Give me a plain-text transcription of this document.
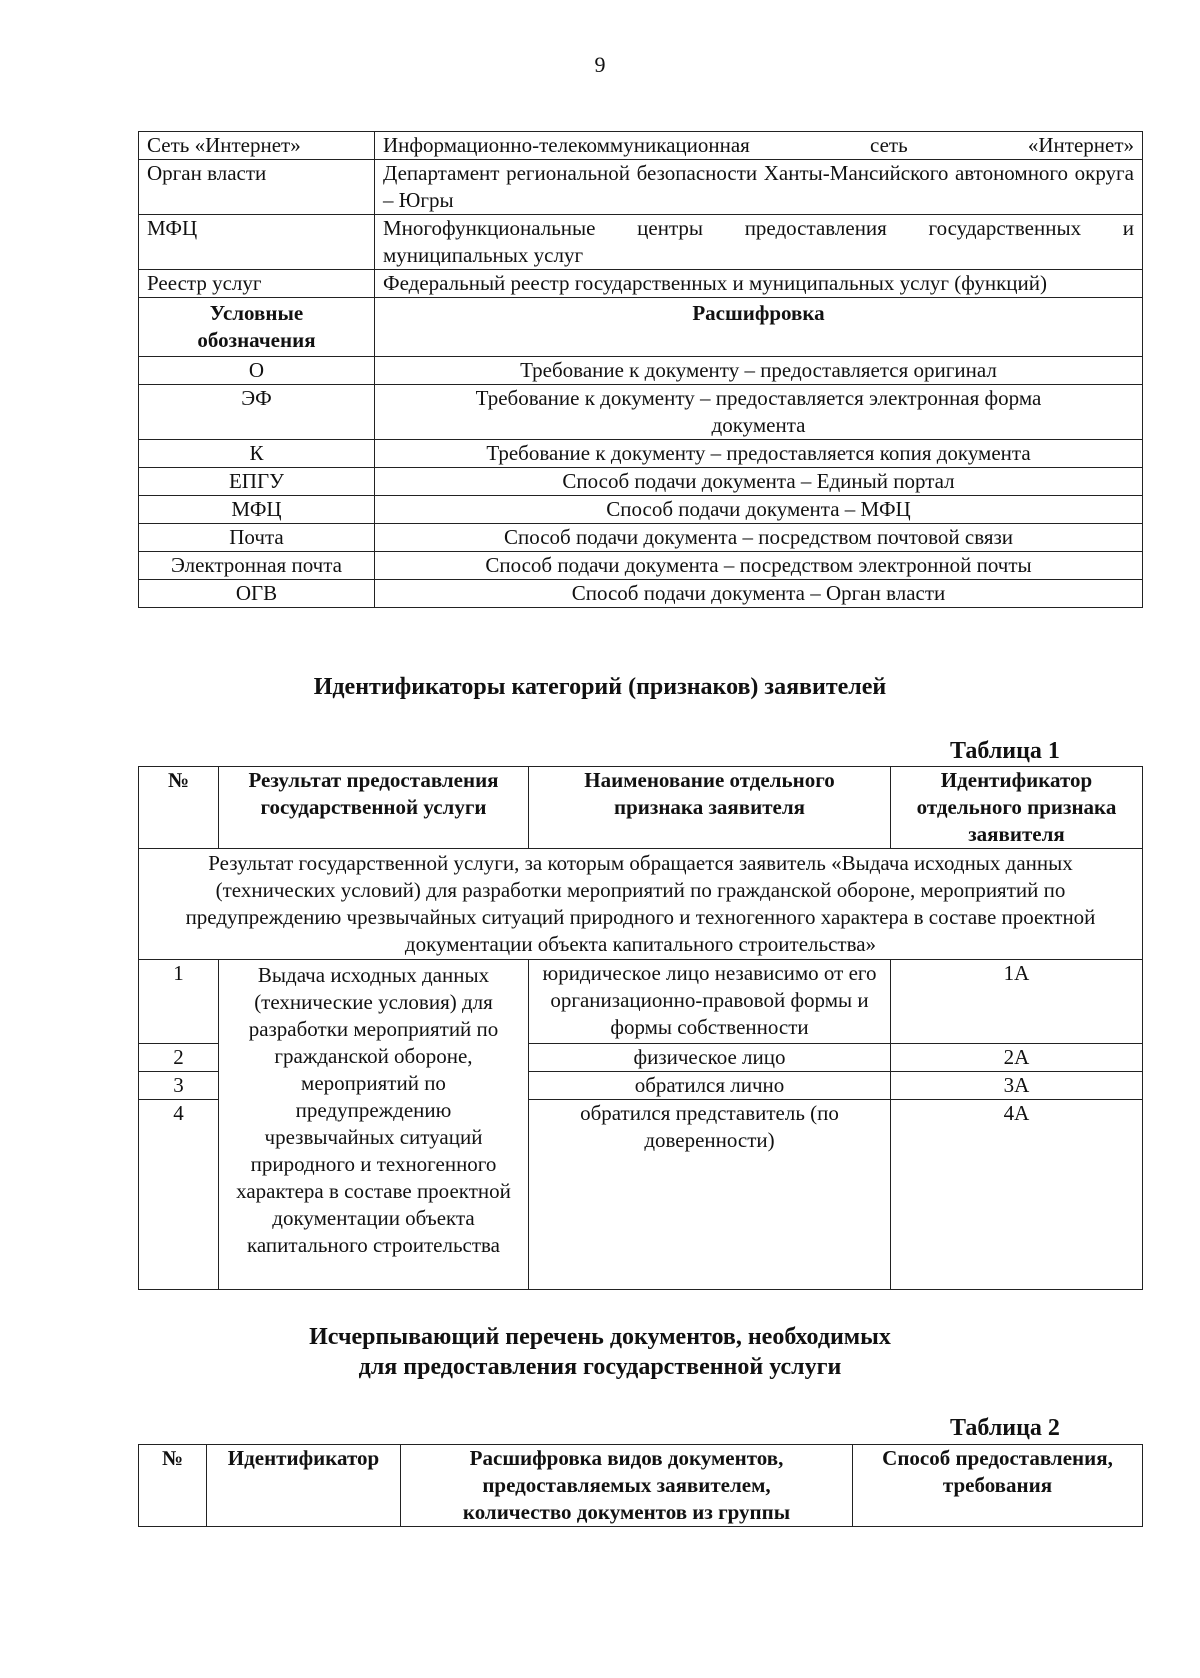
9
Сеть «Интернет»	Информационно-телекоммуникационная сеть «Интернет»
Орган власти	Департамент региональной безопасности Ханты-Мансийского автономного округа – Югры
МФЦ	Многофункциональные центры предоставления государственных и муниципальных услуг
Реестр услуг	Федеральный реестр государственных и муниципальных услуг (функций)
Условные обозначения	Расшифровка
О	Требование к документу – предоставляется оригинал
ЭФ	Требование к документу – предоставляется электронная форма документа
К	Требование к документу – предоставляется копия документа
ЕПГУ	Способ подачи документа – Единый портал
МФЦ	Способ подачи документа – МФЦ
Почта	Способ подачи документа – посредством почтовой связи
Электронная почта	Способ подачи документа – посредством электронной почты
ОГВ	Способ подачи документа – Орган власти
Идентификаторы категорий (признаков) заявителей
Таблица 1
№	Результат предоставления государственной услуги	Наименование отдельного признака заявителя	Идентификатор отдельного признака заявителя
Результат государственной услуги, за которым обращается заявитель «Выдача исходных данных (технических условий) для разработки мероприятий по гражданской обороне, мероприятий по предупреждению чрезвычайных ситуаций природного и техногенного характера в составе проектной документации объекта капитального строительства»			
1	Выдача исходных данных (технические условия) для разработки мероприятий по гражданской обороне, мероприятий по предупреждению чрезвычайных ситуаций природного и техногенного характера в составе проектной документации объекта капитального строительства	юридическое лицо независимо от его организационно-правовой формы и формы собственности	1А
2		физическое лицо	2А
3		обратился лично	3А
4		обратился представитель (по доверенности)	4А
Исчерпывающий перечень документов, необходимых
для предоставления государственной услуги
Таблица 2
№	Идентификатор	Расшифровка видов документов, предоставляемых заявителем, количество документов из группы	Способ предоставления, требования
